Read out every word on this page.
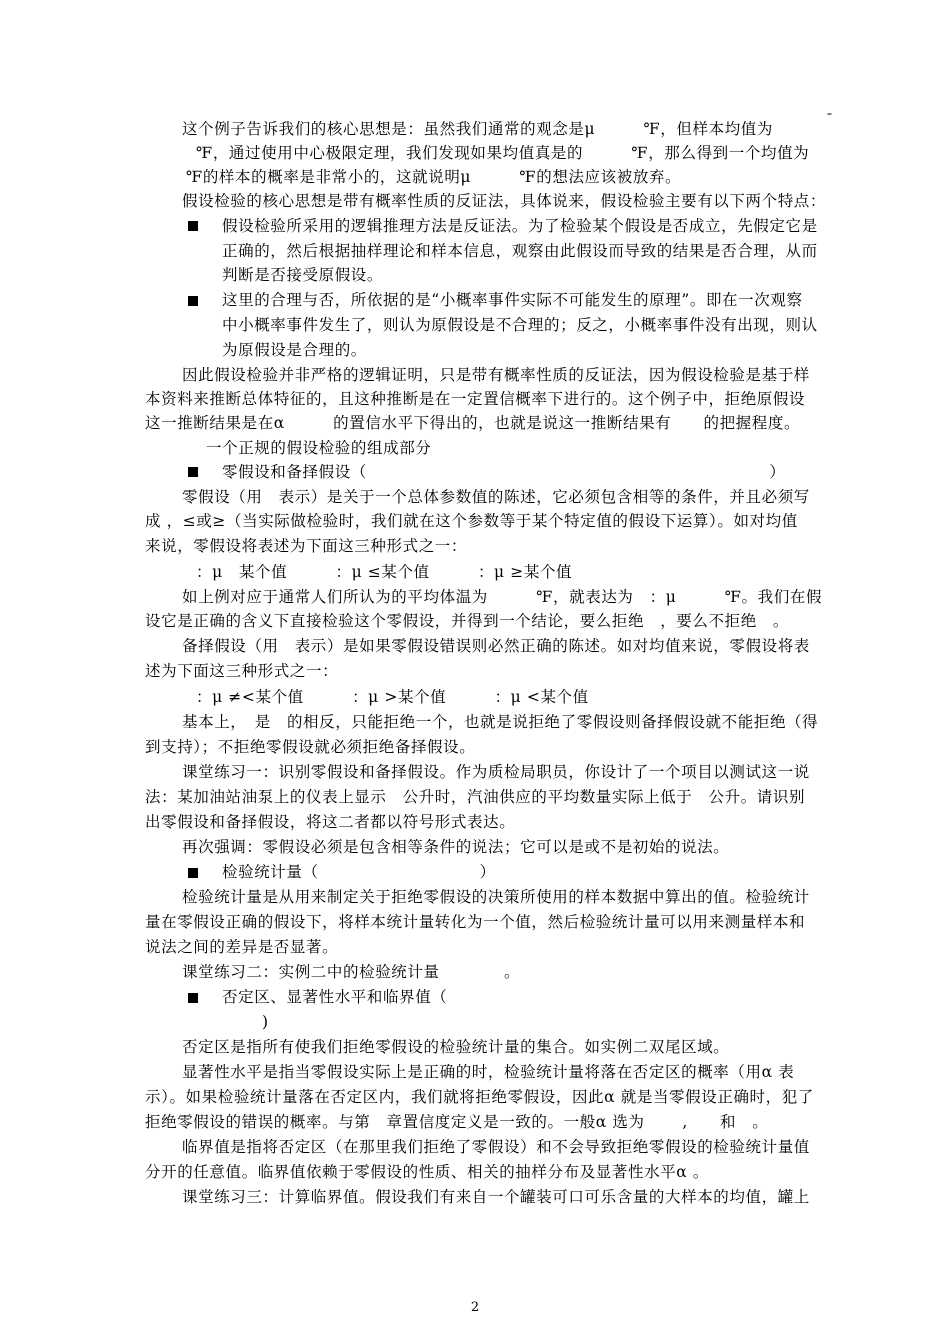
这个例子告诉我们的核心思想是：虽然我们通常的观念是μ　　　℉，但样本均值为	¯
℉，通过使用中心极限定理，我们发现如果均值真是的　　　℉，那么得到一个均值为
℉的样本的概率是非常小的，这就说明μ　　　℉的想法应该被放弃。
假设检验的核心思想是带有概率性质的反证法，具体说来，假设检验主要有以下两个特点：
假设检验所采用的逻辑推理方法是反证法。为了检验某个假设是否成立，先假定它是
正确的，然后根据抽样理论和样本信息，观察由此假设而导致的结果是否合理，从而
判断是否接受原假设。
这里的合理与否，所依据的是“小概率事件实际不可能发生的原理”。即在一次观察
中小概率事件发生了，则认为原假设是不合理的；反之，小概率事件没有出现，则认
为原假设是合理的。
因此假设检验并非严格的逻辑证明，只是带有概率性质的反证法，因为假设检验是基于样
本资料来推断总体特征的，且这种推断是在一定置信概率下进行的。这个例子中，拒绝原假设
这一推断结果是在α　　　的置信水平下得出的，也就是说这一推断结果有　　的把握程度。
一个正规的假设检验的组成部分
零假设和备择假设（　　　　　　　　　　　　　　　　　　　　　　　　　）
零假设（用　表示）是关于一个总体参数值的陈述，它必须包含相等的条件，并且必须写
成 ，≤或≥（当实际做检验时，我们就在这个参数等于某个特定值的假设下运算）。如对均值
来说，零假设将表述为下面这三种形式之一：
：μ　某个值　　　：μ ≤某个值　　　：μ ≥某个值
如上例对应于通常人们所认为的平均体温为　　　℉，就表达为　：μ　　　℉。我们在假
设它是正确的含义下直接检验这个零假设，并得到一个结论，要么拒绝　，要么不拒绝　。
备择假设（用　表示）是如果零假设错误则必然正确的陈述。如对均值来说，零假设将表
述为下面这三种形式之一：
：μ ≠<某个值　　　：μ >某个值　　　：μ <某个值
基本上，　是　的相反，只能拒绝一个，也就是说拒绝了零假设则备择假设就不能拒绝（得
到支持）；不拒绝零假设就必须拒绝备择假设。
课堂练习一：识别零假设和备择假设。作为质检局职员，你设计了一个项目以测试这一说
法：某加油站油泵上的仪表上显示　公升时，汽油供应的平均数量实际上低于　公升。请识别
出零假设和备择假设，将这二者都以符号形式表达。
再次强调：零假设必须是包含相等条件的说法；它可以是或不是初始的说法。
检验统计量（　　　　　　　　　　）
检验统计量是从用来制定关于拒绝零假设的决策所使用的样本数据中算出的值。检验统计
量在零假设正确的假设下，将样本统计量转化为一个值，然后检验统计量可以用来测量样本和
说法之间的差异是否显著。
课堂练习二：实例二中的检验统计量　　　　。
否定区、显著性水平和临界值（
)
否定区是指所有使我们拒绝零假设的检验统计量的集合。如实例二双尾区域。
显著性水平是指当零假设实际上是正确的时，检验统计量将落在否定区的概率（用α 表
示）。如果检验统计量落在否定区内，我们就将拒绝零假设，因此α 就是当零假设正确时，犯了
拒绝零假设的错误的概率。与第　章置信度定义是一致的。一般α 选为　　 ,　　和　。
临界值是指将否定区（在那里我们拒绝了零假设）和不会导致拒绝零假设的检验统计量值
分开的任意值。临界值依赖于零假设的性质、相关的抽样分布及显著性水平α 。
课堂练习三：计算临界值。假设我们有来自一个罐装可口可乐含量的大样本的均值，罐上
2
